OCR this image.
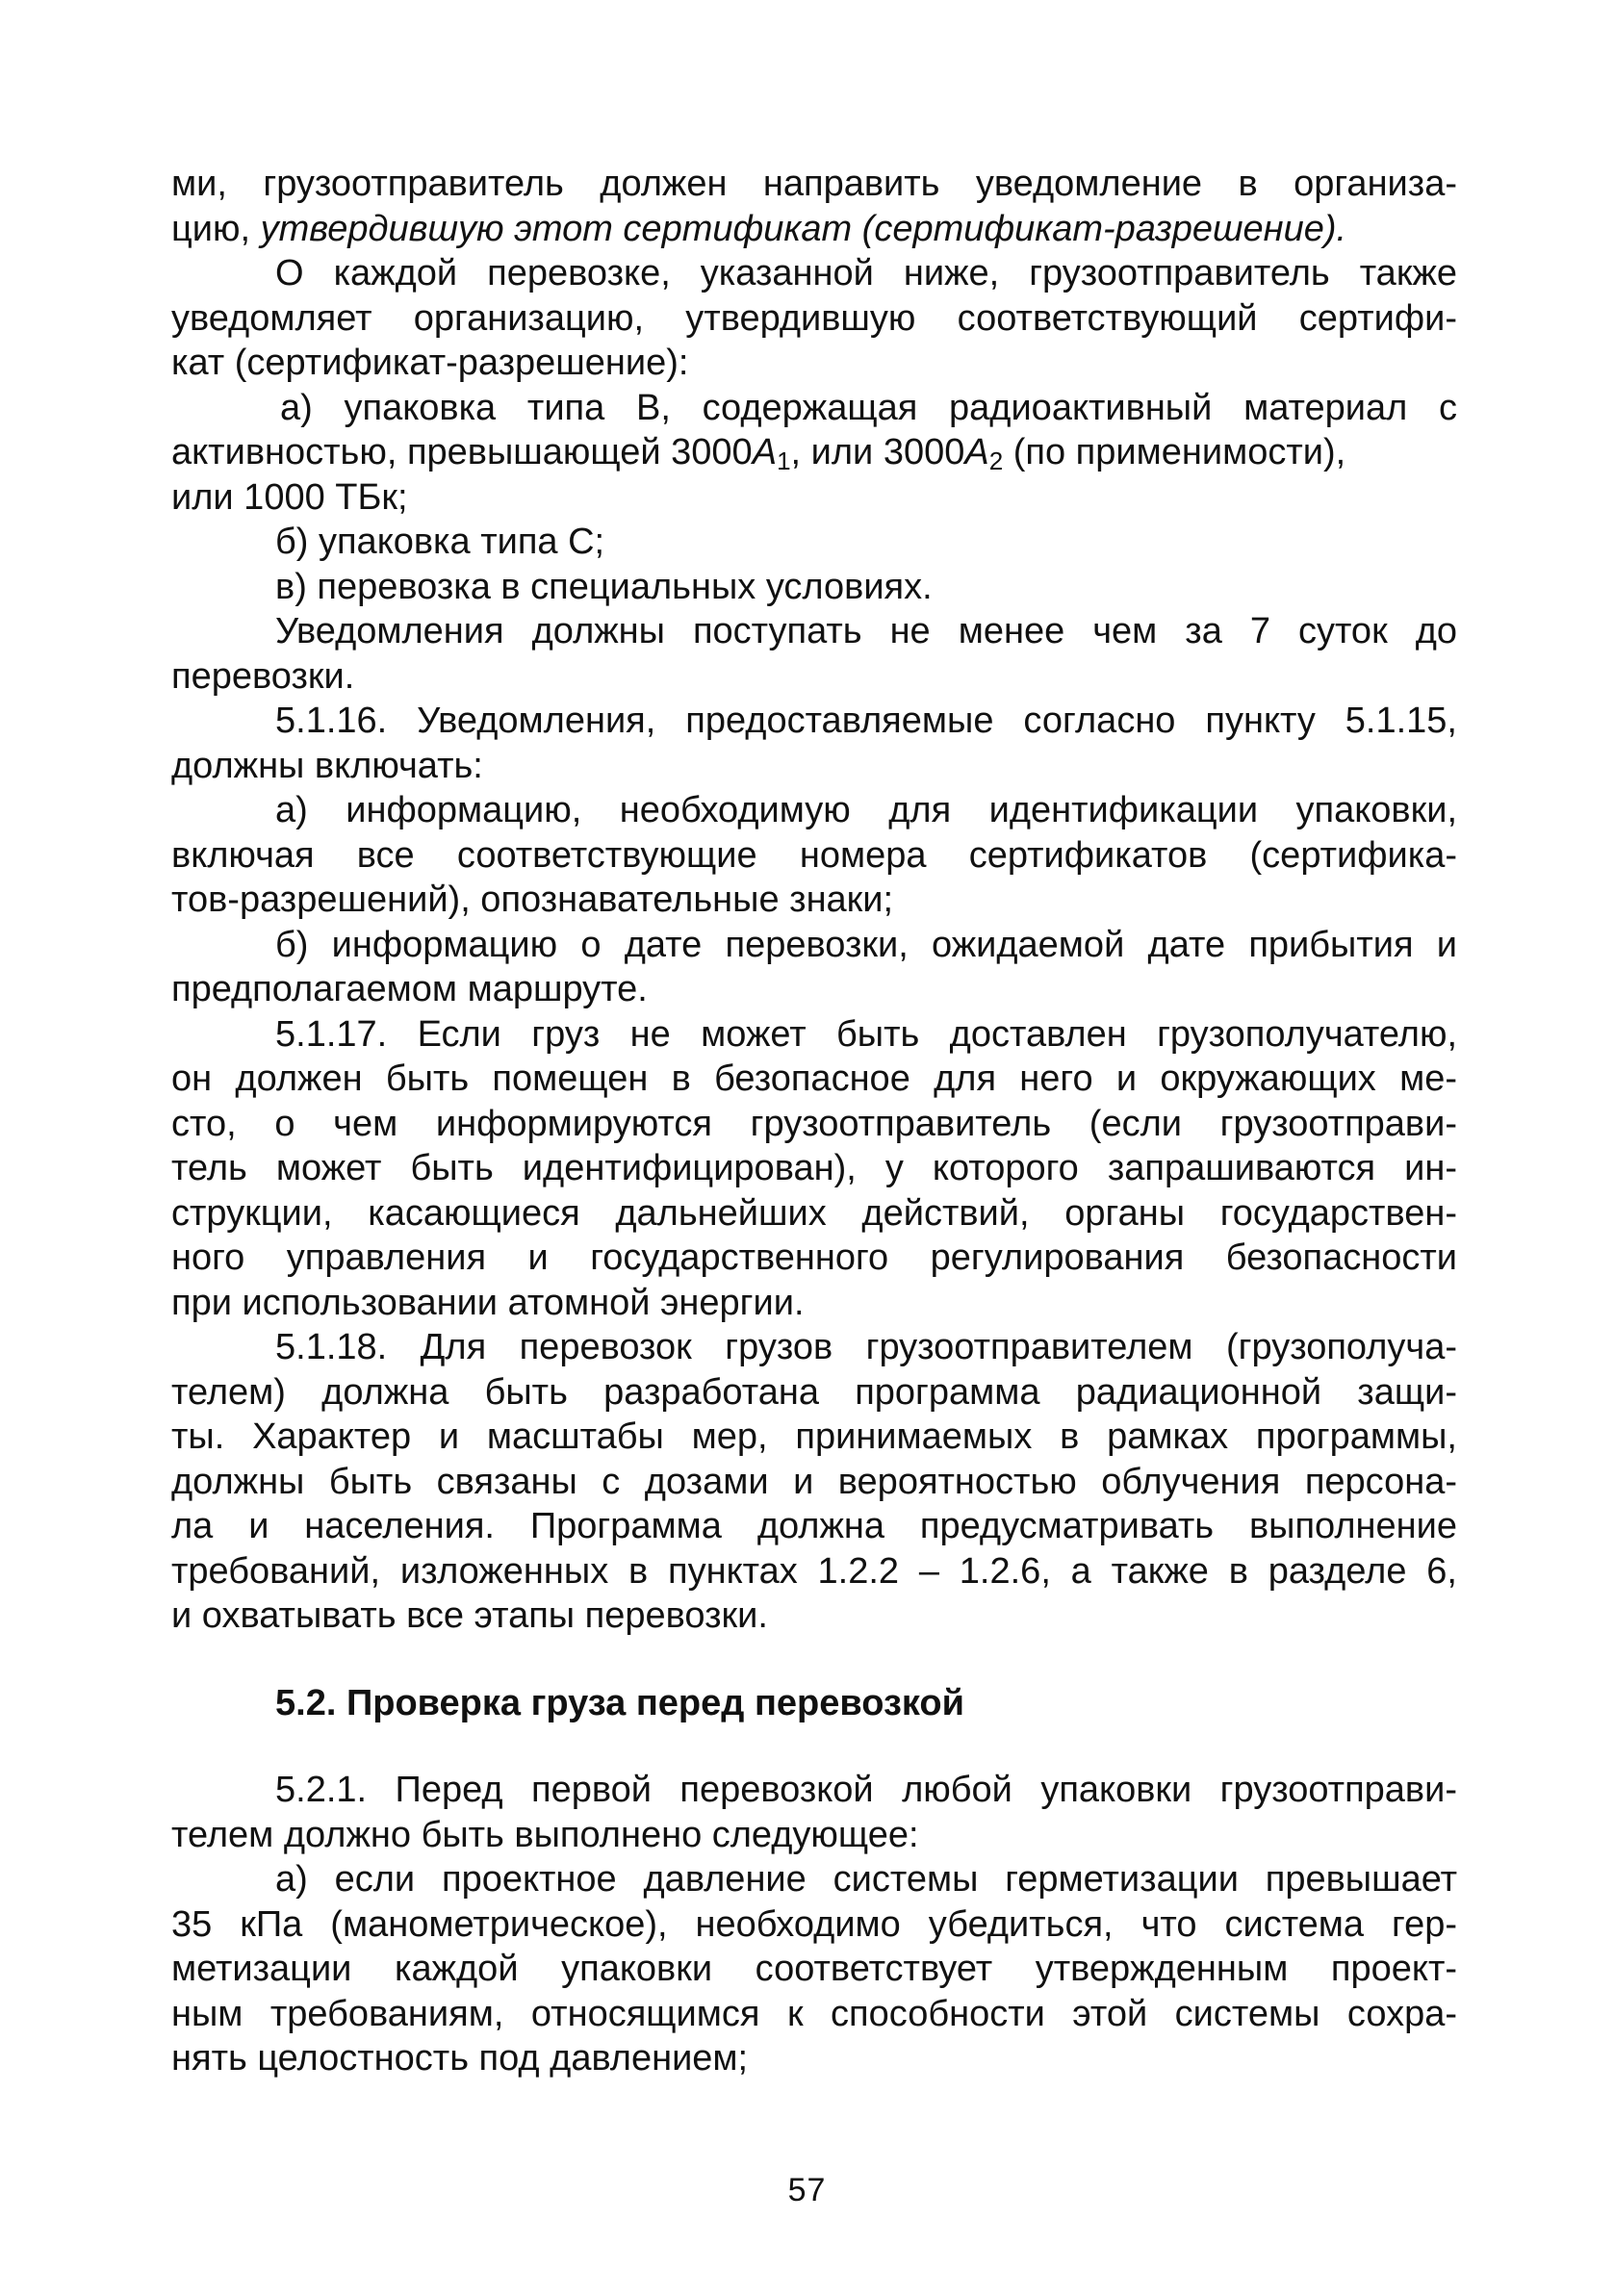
ми, грузоотправитель должен направить уведомление в организа-
цию, утвердившую этот сертификат (сертификат-разрешение).
О каждой перевозке, указанной ниже, грузоотправитель также
уведомляет организацию, утвердившую соответствующий сертифи-
кат (сертификат-разрешение):
а) упаковка типа В, содержащая радиоактивный материал с
активностью, превышающей $3000A_1$, или $3000A_2$ (по применимости),
или 1000 ТБк;
б) упаковка типа С;
в) перевозка в специальных условиях.
Уведомления должны поступать не менее чем за 7 суток до
перевозки.
5.1.16. Уведомления, предоставляемые согласно пункту 5.1.15,
должны включать:
а) информацию, необходимую для идентификации упаковки,
включая все соответствующие номера сертификатов (сертифика-
тов-разрешений), опознавательные знаки;
б) информацию о дате перевозки, ожидаемой дате прибытия и
предполагаемом маршруте.
5.1.17. Если груз не может быть доставлен грузополучателю,
он должен быть помещен в безопасное для него и окружающих ме-
сто, о чем информируются грузоотправитель (если грузоотправи-
тель может быть идентифицирован), у которого запрашиваются ин-
струкции, касающиеся дальнейших действий, органы государствен-
ного управления и государственного регулирования безопасности
при использовании атомной энергии.
5.1.18. Для перевозок грузов грузоотправителем (грузополуча-
телем) должна быть разработана программа радиационной защи-
ты. Характер и масштабы мер, принимаемых в рамках программы,
должны быть связаны с дозами и вероятностью облучения персона-
ла и населения. Программа должна предусматривать выполнение
требований, изложенных в пунктах 1.2.2 – 1.2.6, а также в разделе 6,
и охватывать все этапы перевозки.
5.2. Проверка груза перед перевозкой
5.2.1. Перед первой перевозкой любой упаковки грузоотправи-
телем должно быть выполнено следующее:
а) если проектное давление системы герметизации превышает
35 кПа (манометрическое), необходимо убедиться, что система гер-
метизации каждой упаковки соответствует утвержденным проект-
ным требованиям, относящимся к способности этой системы сохра-
нять целостность под давлением;
57
